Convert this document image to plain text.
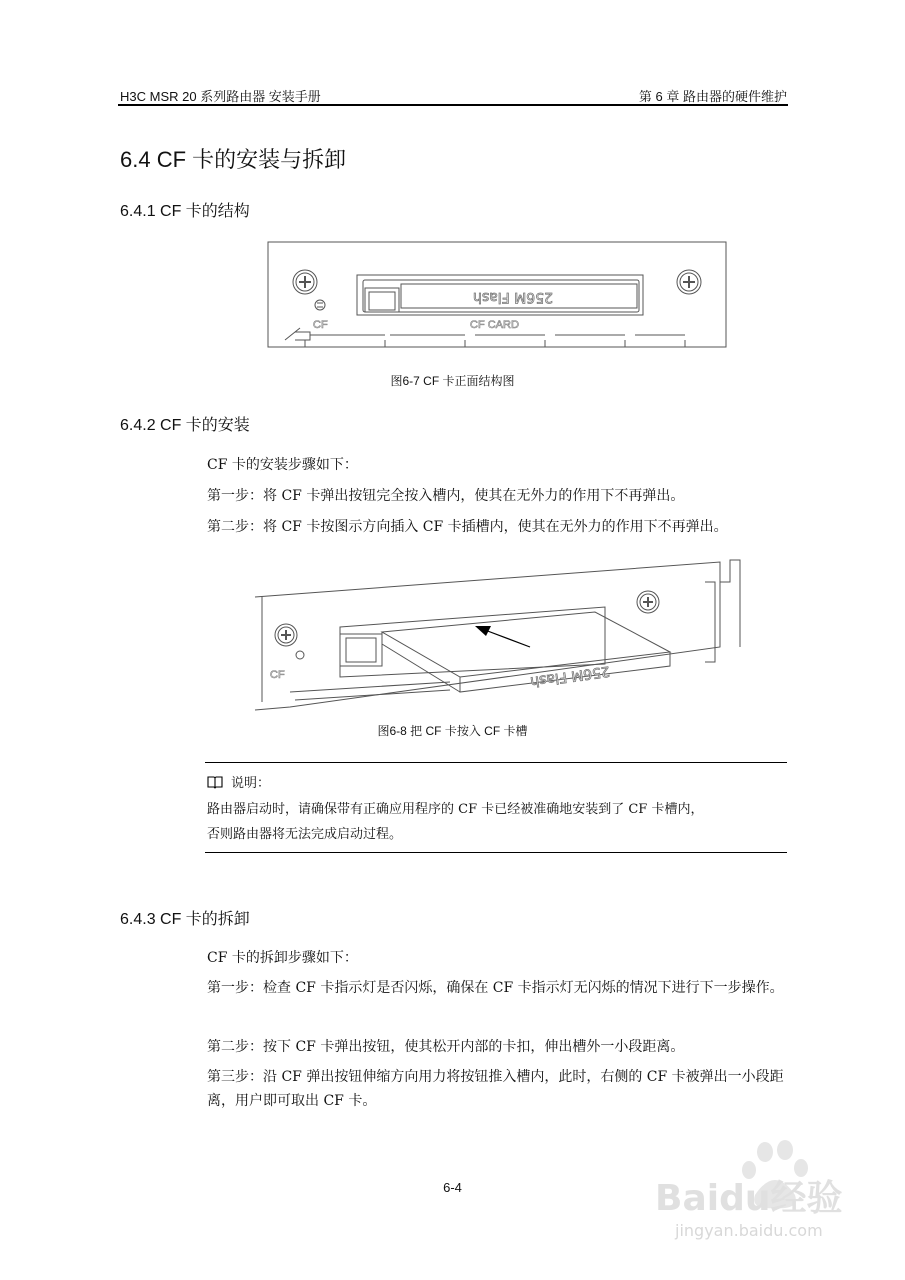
H3C MSR 20 系列路由器 安装手册	第 6 章 路由器的硬件维护
6.4 CF 卡的安装与拆卸
6.4.1 CF 卡的结构
256M Flash
CF	CF CARD
图6-7 CF 卡正面结构图
6.4.2 CF 卡的安装
CF 卡的安装步骤如下：
第一步：将 CF 卡弹出按钮完全按入槽内，使其在无外力的作用下不再弹出。
第二步：将 CF 卡按图示方向插入 CF 卡插槽内，使其在无外力的作用下不再弹出。
256M Flash
CF
图6-8 把 CF 卡按入 CF 卡槽
说明：
路由器启动时，请确保带有正确应用程序的 CF 卡已经被准确地安装到了 CF 卡槽内，
否则路由器将无法完成启动过程。
6.4.3 CF 卡的拆卸
CF 卡的拆卸步骤如下：
第一步：检查 CF 卡指示灯是否闪烁，确保在 CF 卡指示灯无闪烁的情况下进行下一步操作。
第二步：按下 CF 卡弹出按钮，使其松开内部的卡扣，伸出槽外一小段距离。
第三步：沿 CF 弹出按钮伸缩方向用力将按钮推入槽内，此时，右侧的 CF 卡被弹出一小段距离，用户即可取出 CF 卡。
6-4	Baidu经验
jingyan.baidu.com
